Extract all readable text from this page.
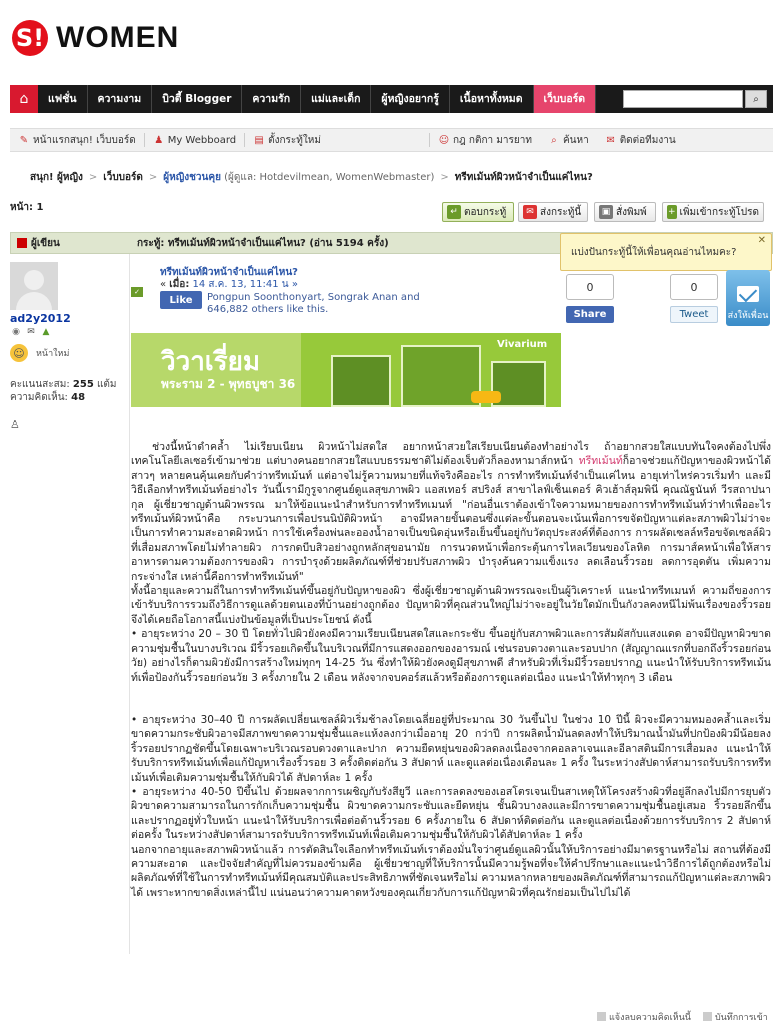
S! WOMEN
⌂	แฟชั่น	ความงาม	บิวตี้ Blogger	ความรัก	แม่และเด็ก	ผู้หญิงอยากรู้	เนื้อหาทั้งหมด	เว็บบอร์ด	⌕
✎ หน้าแรกสนุก! เว็บบอร์ด ♟ My Webboard ▤ ตั้งกระทู้ใหม่	☺ กฎ กติกา มารยาท	⌕ ค้นหา ✉ ติดต่อทีมงาน
สนุก! ผู้หญิง > เว็บบอร์ด > ผู้หญิงชวนคุย (ผู้ดูแล: Hotdevilmean, WomenWebmaster) > ทรีทเม้นท์ผิวหน้าจำเป็นแค่ไหน?
หน้า: 1	↵ ตอบกระทู้	✉ ส่งกระทู้นี้	▣ สั่งพิมพ์ + เพิ่มเข้ากระทู้โปรด
ผู้เขียน	กระทู้: ทรีทเม้นท์ผิวหน้าจำเป็นแค่ไหน? (อ่าน 5194 ครั้ง)
แบ่งปันกระทู้นี้ให้เพื่อนคุณอ่านไหมคะ?
✕
ad2y2012
◉ ✉ ▲
☺	หน้าใหม่
คะแนนสะสม: 255 แต้ม
ความคิดเห็น: 48
♙
ทรีทเม้นท์ผิวหน้าจำเป็นแค่ไหน?
« เมื่อ: 14 ส.ค. 13, 11:41 น »
✓
Like Pongpun Soonthonyart, Songrak Anan and 646,882 others like this.
0	0
Share	Tweet ส่งให้เพื่อน
วิวาเรี่ยม
พระราม 2 - พุทธบูชา 36
Vivarium

  ช่วงนี้หน้าดำคล้ำ ไม่เรียบเนียน ผิวหน้าไม่สดใส อยากหน้าสวยใสเรียบเนียนต้องทำอย่างไร ถ้าอยากสวยใสแบบทันใจคงต้องไปพึ่งเทคโนโลยีเลเซอร์เข้ามาช่วย แต่บางคนอยากสวยใสแบบธรรมชาติไม่ต้องเจ็บตัวก็ลองหามาส์กหน้า ทรีทเม้นท์ก็อาจช่วยแก้ปัญหาของผิวหน้าได้ สาวๆ หลายคนคุ้นเคยกับคำว่าทรีทเม้นท์ แต่อาจไม่รู้ความหมายที่แท้จริงคืออะไร การทำทรีทเม้นท์จำเป็นแค่ไหน อายุเท่าไหร่ควรเริ่มทำ และมีวิธีเลือกทำทรีทเม้นท์อย่างไร วันนี้เรามีกูรูจากศูนย์ดูแลสุขภาพผิว แอสเทอร์ สปริงส์ สาขาไลฟ์เซ็นเตอร์ คิวเฮ้าส์ลุมพินี คุณณัฐนันท์ วีรสถาปนากุล ผู้เชี่ยวชาญด้านผิวพรรณ มาให้ข้อแนะนำสำหรับการทำทรีทเมนท์ "ก่อนอื่นเราต้องเข้าใจความหมายของการทำทรีทเม้นท์ว่าทำเพื่ออะไร ทรีทเม้นท์ผิวหน้าคือ กระบวนการเพื่อปรนนิบัติผิวหน้า อาจมีหลายขั้นตอนซึ่งแต่ละขั้นตอนจะเน้นเพื่อการขจัดปัญหาแต่ละสภาพผิวไม่ว่าจะเป็นการทำความสะอาดผิวหน้า การใช้เครื่องพ่นละอองน้ำอาจเป็นขนิดอุ่นหรือเย็นขึ้นอยู่กับวัตถุประสงค์ที่ต้องการ การผลัดเซลล์หรือขจัดเซลล์ผิวที่เสื่อมสภาพโดยไม่ทำลายผิว การกดบีบสิวอย่างถูกหลักสุขอนามัย การนวดหน้าเพื่อกระตุ้นการไหลเวียนของโลหิต การมาส์คหน้าเพื่อให้สารอาหารตามความต้องการของผิว การบำรุงด้วยผลิตภัณฑ์ที่ช่วยปรับสภาพผิว บำรุงค้นความแข็งแรง ลดเลือนริ้วรอย ลดการอุดตัน เพิ่มความกระจ่างใส เหล่านี้คือการทำทรีทเม้นท์"

ทั้งนี้อายุและความถี่ในการทำทรีทเม้นท์ขึ้นอยู่กับปัญหาของผิว ซึ่งผู้เชี่ยวชาญด้านผิวพรรณจะเป็นผู้วิเคราะห์ แนะนำทรีทเมนท์ ความถี่ของการเข้ารับบริการรวมถึงวิธีการดูแลด้วยตนเองที่บ้านอย่างถูกต้อง ปัญหาผิวที่คุณส่วนใหญ่ไม่ว่าจะอยู่ในวัยใดมักเป็นกังวลคงหนีไม่พ้นเรื่องของริ้วรอย จึงได้เคยถือโอกาสนี้แบ่งปันข้อมูลที่เป็นประโยชน์ ดังนี้

• อายุระหว่าง 20 – 30 ปี โดยทั่วไปผิวยังคงมีความเรียบเนียนสดใสและกระชับ ขึ้นอยู่กับสภาพผิวและการสัมผัสกับแสงแดด อาจมีปัญหาผิวขาดความชุ่มชื้นในบางบริเวณ มีริ้วรอยเกิดขึ้นในบริเวณที่มีการแสดงออกของอารมณ์ เช่นรอบดวงตาและรอบปาก (สัญญาณแรกที่บอกถึงริ้วรอยก่อนวัย) อย่างไรก็ตามผิวยังมีการสร้างใหม่ทุกๆ 14-25 วัน ซึ่งทำให้ผิวยังคงดูมีสุขภาพดี สำหรับผิวที่เริ่มมีริ้วรอยปรากฏ แนะนำให้รับบริการทรีทเม้นท์เพื่อป้องกันริ้วรอยก่อนวัย 3 ครั้งภายใน 2 เดือน หลังจากจบคอร์สแล้วหรือต้องการดูแลต่อเนื่อง แนะนำให้ทำทุกๆ 3 เดือน

• อายุระหว่าง 30–40 ปี การผลัดเปลี่ยนเซลล์ผิวเริ่มช้าลงโดยเฉลี่ยอยู่ที่ประมาณ 30 วันขึ้นไป ในช่วง 10 ปีนี้ ผิวจะมีความหมองคล้ำและเริ่มขาดความกระชับผิวอาจมีสภาพขาดความชุ่มชื้นและแห้งลงกว่าเมื่ออายุ 20 กว่าปี การผลิตน้ำมันลดลงทำให้ปริมาณน้ำมันที่ปกป้องผิวมีน้อยลง ริ้วรอยปรากฏชัดขึ้นโดยเฉพาะบริเวณรอบดวงตาและปาก ความยืดหยุ่นของผิวลดลงเนื่องจากคอลลาเจนและอีลาสตินมีการเสื่อมลง แนะนำให้รับบริการทรีทเม้นท์เพื่อแก้ปัญหาเรื่องริ้วรอย 3 ครั้งติดต่อกัน 3 สัปดาห์ และดูแลต่อเนื่องเดือนละ 1 ครั้ง ในระหว่างสัปดาห์สามารถรับบริการทรีทเม้นท์เพื่อเติมความชุ่มชื้นให้กับผิวได้ สัปดาห์ละ 1 ครั้ง

• อายุระหว่าง 40-50 ปีขึ้นไป ด้วยผลจากการเผชิญกับรังสียูวี และการลดลงของเอสโตรเจนเป็นสาเหตุให้โครงสร้างผิวที่อยู่ลึกลงไปมีการยุบตัว ผิวขาดความสามารถในการกักเก็บความชุ่มชื้น ผิวขาดความกระชับและยืดหยุ่น ชั้นผิวบางลงและมีการขาดความชุ่มชื้นอยู่เสมอ ริ้วรอยลึกขึ้นและปรากฏอยู่ทั่วใบหน้า แนะนำให้รับบริการเพื่อต่อต้านริ้วรอย 6 ครั้งภายใน 6 สัปดาห์ติดต่อกัน และดูแลต่อเนื่องด้วยการรับบริการ 2 สัปดาห์ต่อครั้ง ในระหว่างสัปดาห์สามารถรับบริการทรีทเม้นท์เพื่อเติมความชุ่มชื้นให้กับผิวได้สัปดาห์ละ 1 ครั้ง

นอกจากอายุและสภาพผิวหน้าแล้ว การตัดสินใจเลือกทำทรีทเม้นท์เราต้องมั่นใจว่าศูนย์ดูแลผิวนั้นให้บริการอย่างมีมาตรฐานหรือไม่ สถานที่ต้องมีความสะอาด และปัจจัยสำคัญที่ไม่ควรมองข้ามคือ ผู้เชี่ยวชาญที่ให้บริการนั้นมีความรู้พอที่จะให้คำปรึกษาและแนะนำวิธีการได้ถูกต้องหรือไม่ ผลิตภัณฑ์ที่ใช้ในการทำทรีทเม้นท์มีคุณสมบัติและประสิทธิภาพที่ชัดเจนหรือไม่ ความหลากหลายของผลิตภัณฑ์ที่สามารถแก้ปัญหาแต่ละสภาพผิวได้ เพราะหากขาดสิ่งเหล่านี้ไป แน่นอนว่าความคาดหวังของคุณเกี่ยวกับการแก้ปัญหาผิวที่คุณรักย่อมเป็นไปไม่ได้

แจ้งลบความคิดเห็นนี้	บันทึกการเข้า
